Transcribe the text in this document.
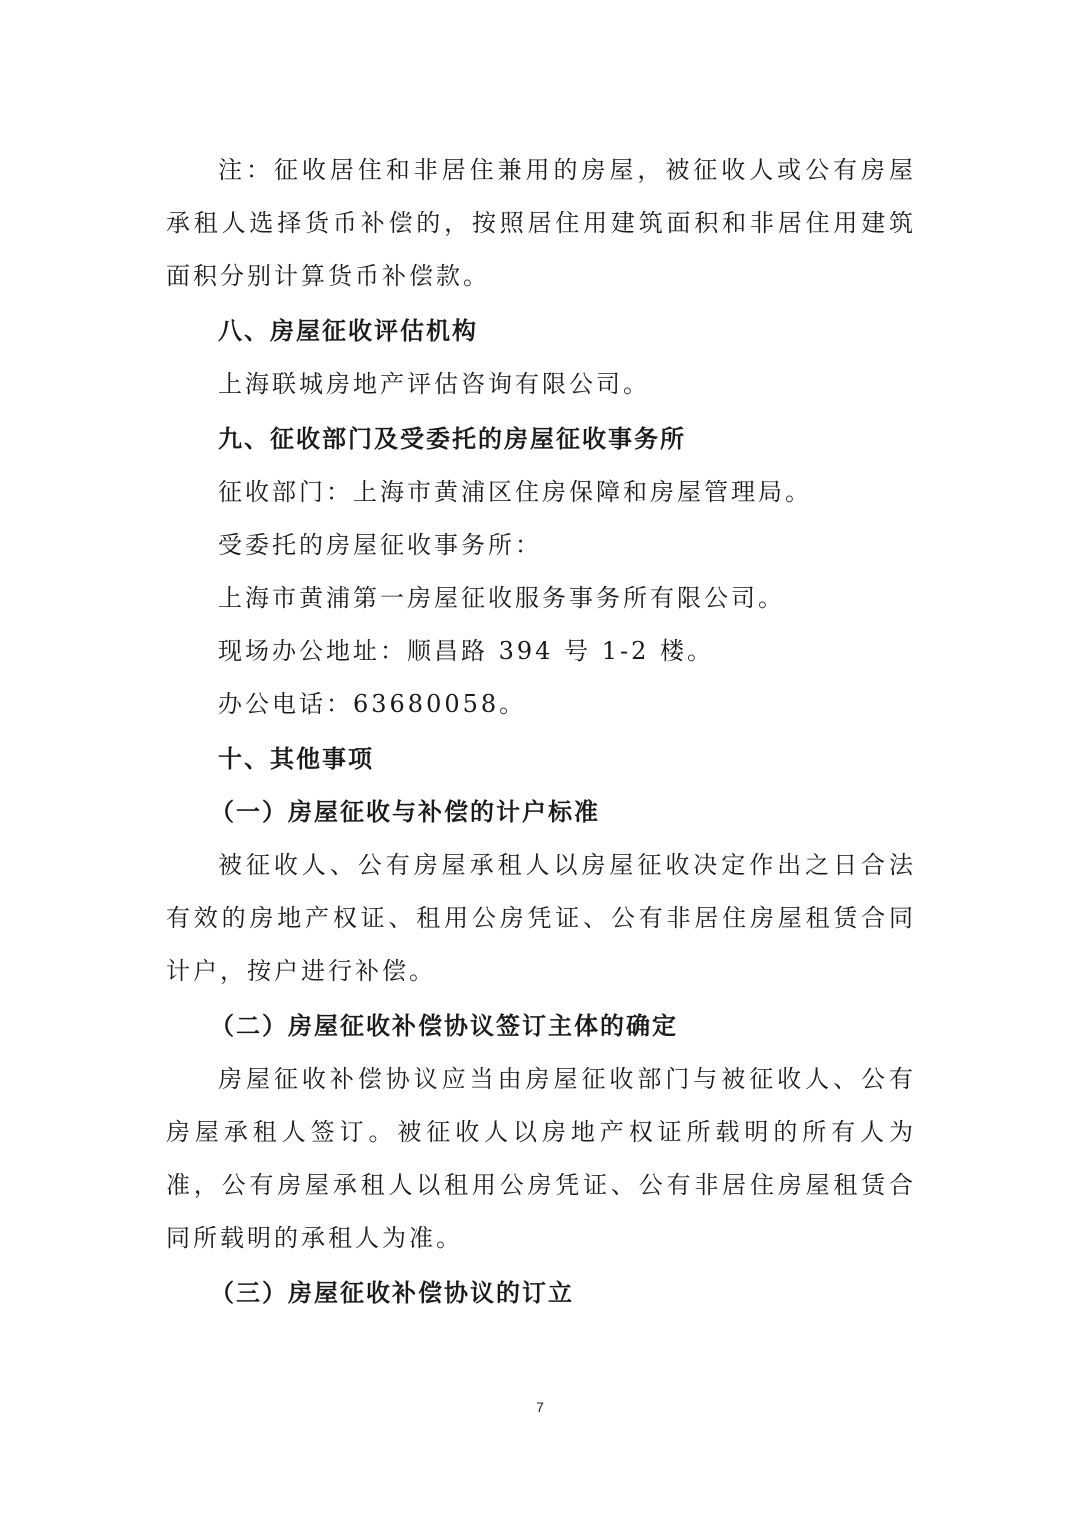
注：征收居住和非居住兼用的房屋，被征收人或公有房屋承租人选择货币补偿的，按照居住用建筑面积和非居住用建筑面积分别计算货币补偿款。

八、房屋征收评估机构

上海联城房地产评估咨询有限公司。

九、征收部门及受委托的房屋征收事务所

征收部门：上海市黄浦区住房保障和房屋管理局。

受委托的房屋征收事务所：

上海市黄浦第一房屋征收服务事务所有限公司。

现场办公地址：顺昌路 394 号 1-2 楼。

办公电话：63680058。

十、其他事项

（一）房屋征收与补偿的计户标准

被征收人、公有房屋承租人以房屋征收决定作出之日合法有效的房地产权证、租用公房凭证、公有非居住房屋租赁合同计户，按户进行补偿。

（二）房屋征收补偿协议签订主体的确定

房屋征收补偿协议应当由房屋征收部门与被征收人、公有房屋承租人签订。被征收人以房地产权证所载明的所有人为准，公有房屋承租人以租用公房凭证、公有非居住房屋租赁合同所载明的承租人为准。

（三）房屋征收补偿协议的订立

7
